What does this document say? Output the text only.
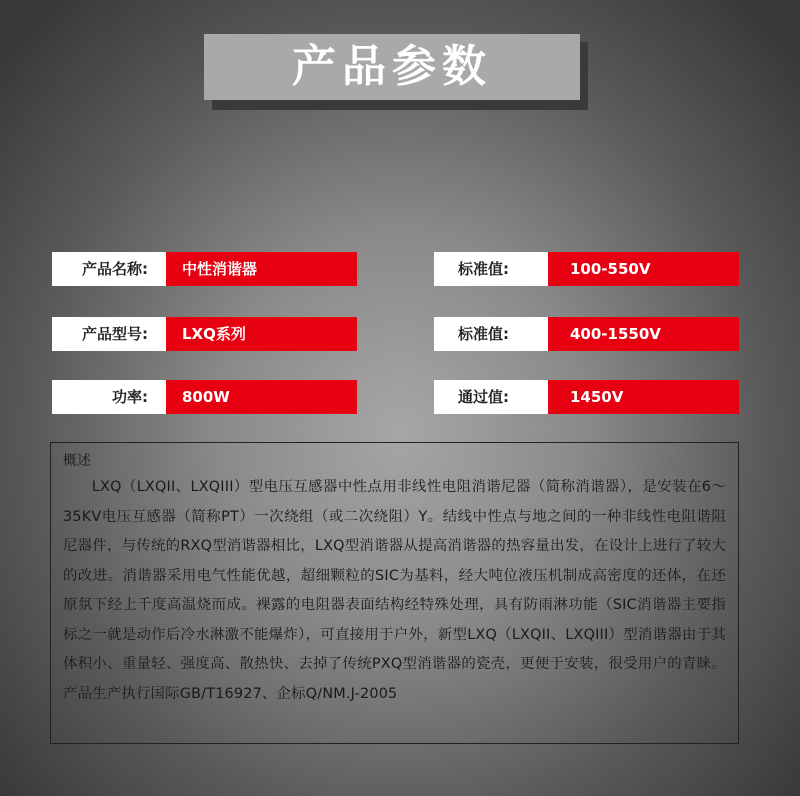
产品参数
产品名称:	中性消谐器
产品型号:	LXQ系列
功率:	800W
标准值:	100-550V
标准值:	400-1550V
通过值:	1450V
概述
LXQ（LXQII、LXQIII）型电压互感器中性点用非线性电阻消谐尼器（简称消谐器），是安装在6～35KV电压互感器（简称PT）一次绕组（或二次绕阻）Y。结线中性点与地之间的一种非线性电阻谐阻尼器件，与传统的RXQ型消谐器相比，LXQ型消谐器从提高消谐器的热容量出发，在设计上进行了较大的改进。消谐器采用电气性能优越，超细颗粒的SIC为基料，经大吨位液压机制成高密度的还体，在还原氛下经上千度高温烧而成。裸露的电阻器表面结构经特殊处理，具有防雨淋功能（SIC消谐器主要指标之一就是动作后冷水淋激不能爆炸），可直接用于户外，新型LXQ（LXQII、LXQIII）型消谐器由于其体积小、重量轻、强度高、散热快、去掉了传统PXQ型消谐器的瓷壳，更便于安装，很受用户的青睐。产品生产执行国际GB/T16927、企标Q/NM.J-2005
